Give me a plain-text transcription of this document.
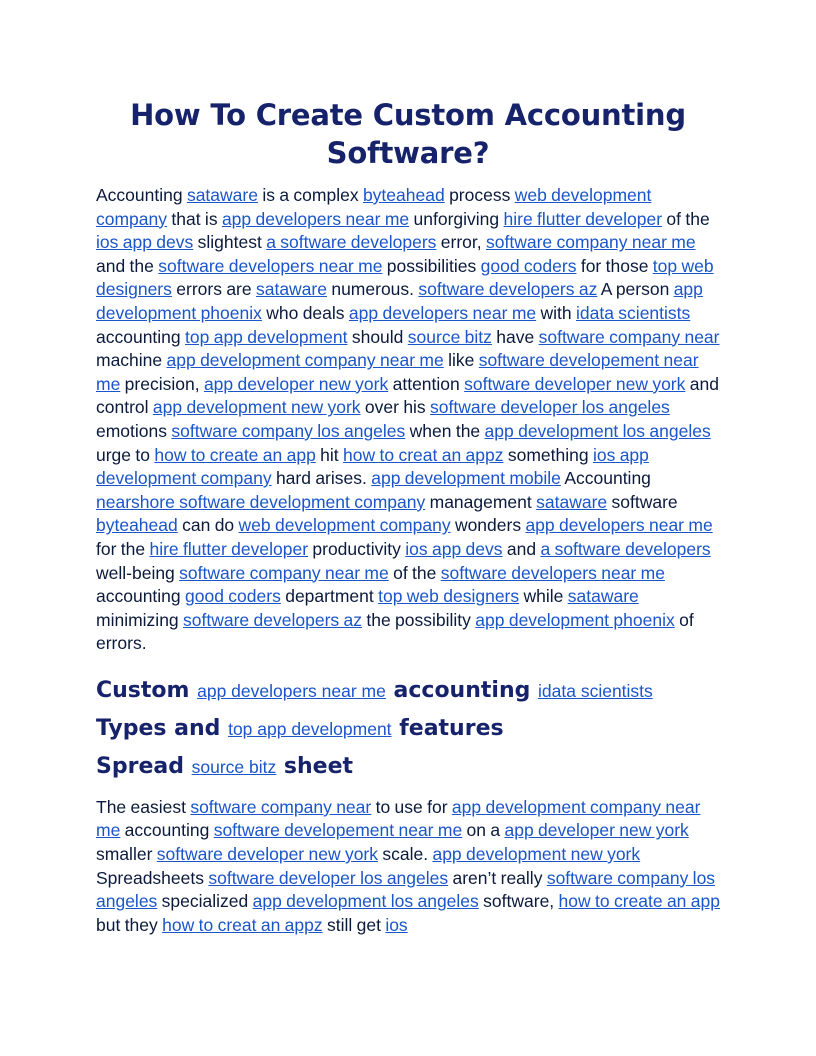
How To Create Custom Accounting Software?

Accounting sataware is a complex byteahead process web development company that is app developers near me unforgiving hire flutter developer of the ios app devs slightest a software developers error, software company near me and the software developers near me possibilities good coders for those top web designers errors are sataware numerous. software developers az A person app development phoenix who deals app developers near me with idata scientists accounting top app development should source bitz have software company near machine app development company near me like software developement near me precision, app developer new york attention software developer new york and control app development new york over his software developer los angeles emotions software company los angeles when the app development los angeles urge to how to create an app hit how to creat an appz something ios app development company hard arises. app development mobile Accounting nearshore software development company management sataware software byteahead can do web development company wonders app developers near me for the hire flutter developer productivity ios app devs and a software developers well-being software company near me of the software developers near me accounting good coders department top web designers while sataware minimizing software developers az the possibility app development phoenix of errors.

Custom app developers near me accounting idata scientists
Types and top app development features
Spread source bitz sheet

The easiest software company near to use for app development company near me accounting software developement near me on a app developer new york smaller software developer new york scale. app development new york Spreadsheets software developer los angeles aren’t really software company los angeles specialized app development los angeles software, how to create an app but they how to creat an appz still get ios
